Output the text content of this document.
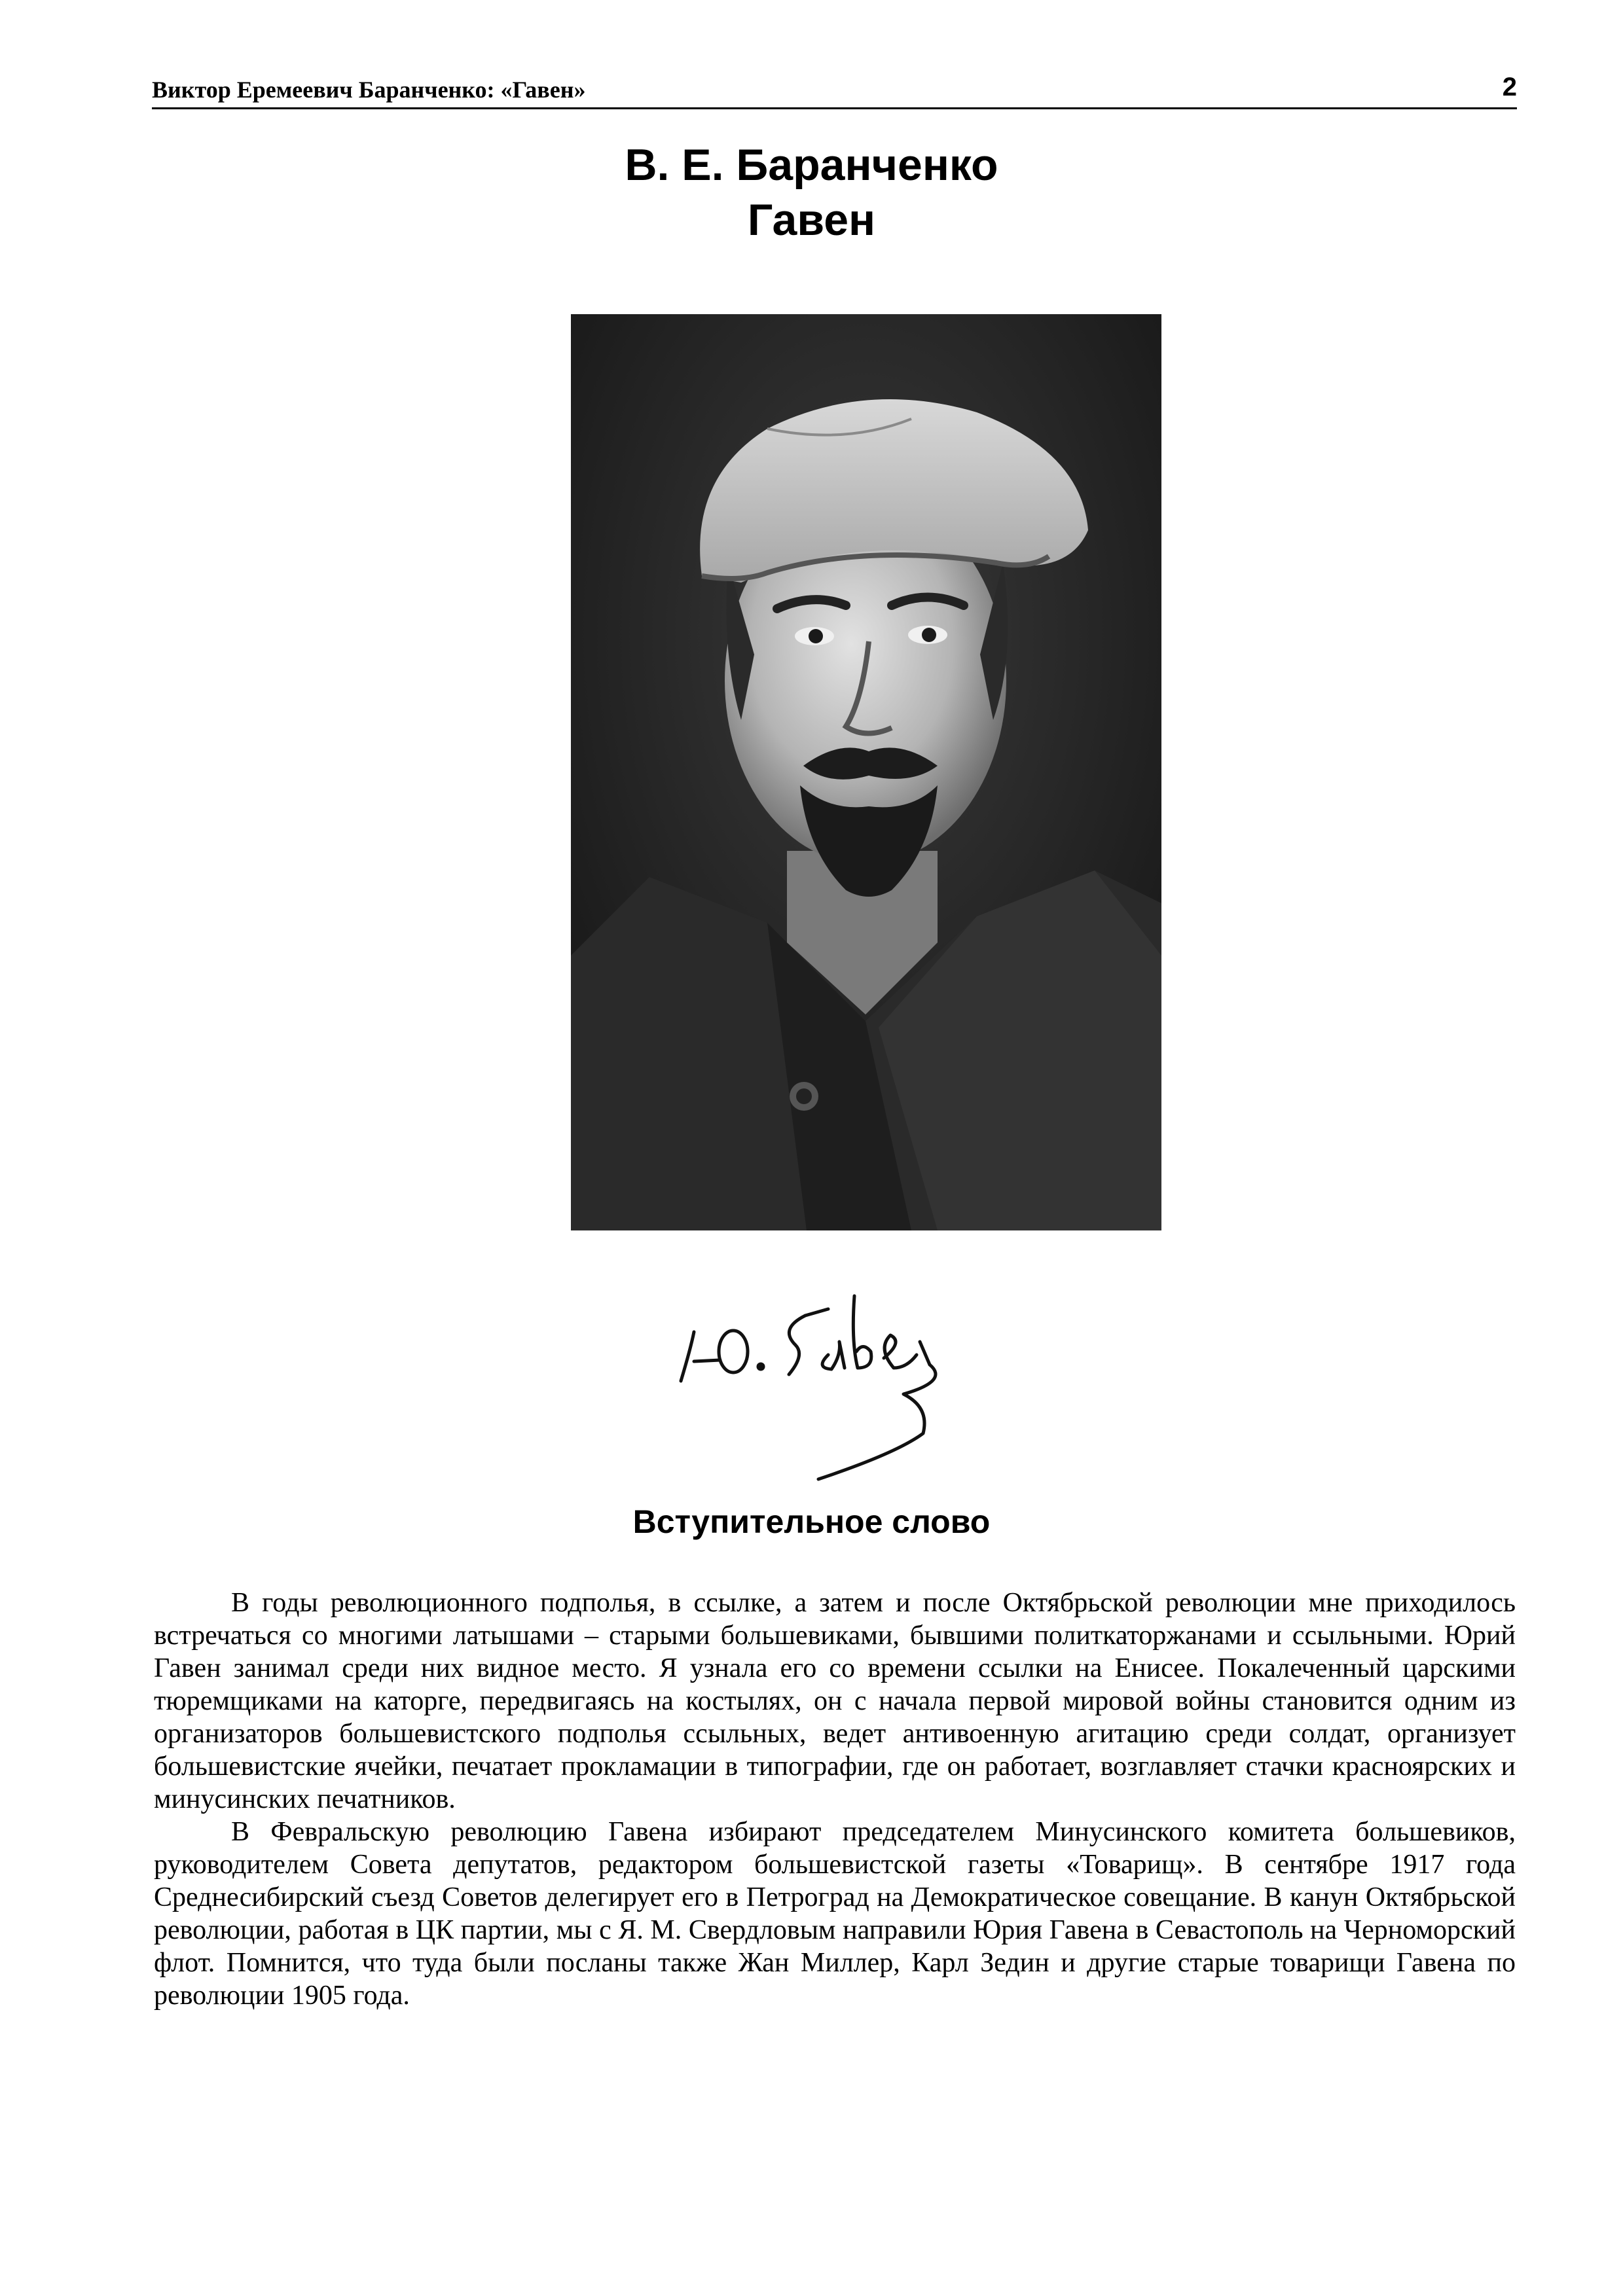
Виктор Еремеевич Баранченко: «Гавен»	2
В. Е. Баранченко
Гавен
Вступительное слово

В годы революционного подполья, в ссылке, а затем и после Октябрьской революции мне приходилось встречаться со многими латышами – старыми большевиками, бывшими политкаторжанами и ссыльными. Юрий Гавен занимал среди них видное место. Я узнала его со времени ссылки на Енисее. Покалеченный царскими тюремщиками на каторге, передвигаясь на костылях, он с начала первой мировой войны становится одним из организаторов большевистского подполья ссыльных, ведет антивоенную агитацию среди солдат, организует большевистские ячейки, печатает прокламации в типографии, где он работает, возглавляет стачки красноярских и минусинских печатников.

В Февральскую революцию Гавена избирают председателем Минусинского комитета большевиков, руководителем Совета депутатов, редактором большевистской газеты «Товарищ». В сентябре 1917 года Среднесибирский съезд Советов делегирует его в Петроград на Демократическое совещание. В канун Октябрьской революции, работая в ЦК партии, мы с Я. М. Свердловым направили Юрия Гавена в Севастополь на Черноморский флот. Помнится, что туда были посланы также Жан Миллер, Карл Зедин и другие старые товарищи Гавена по революции 1905 года.
